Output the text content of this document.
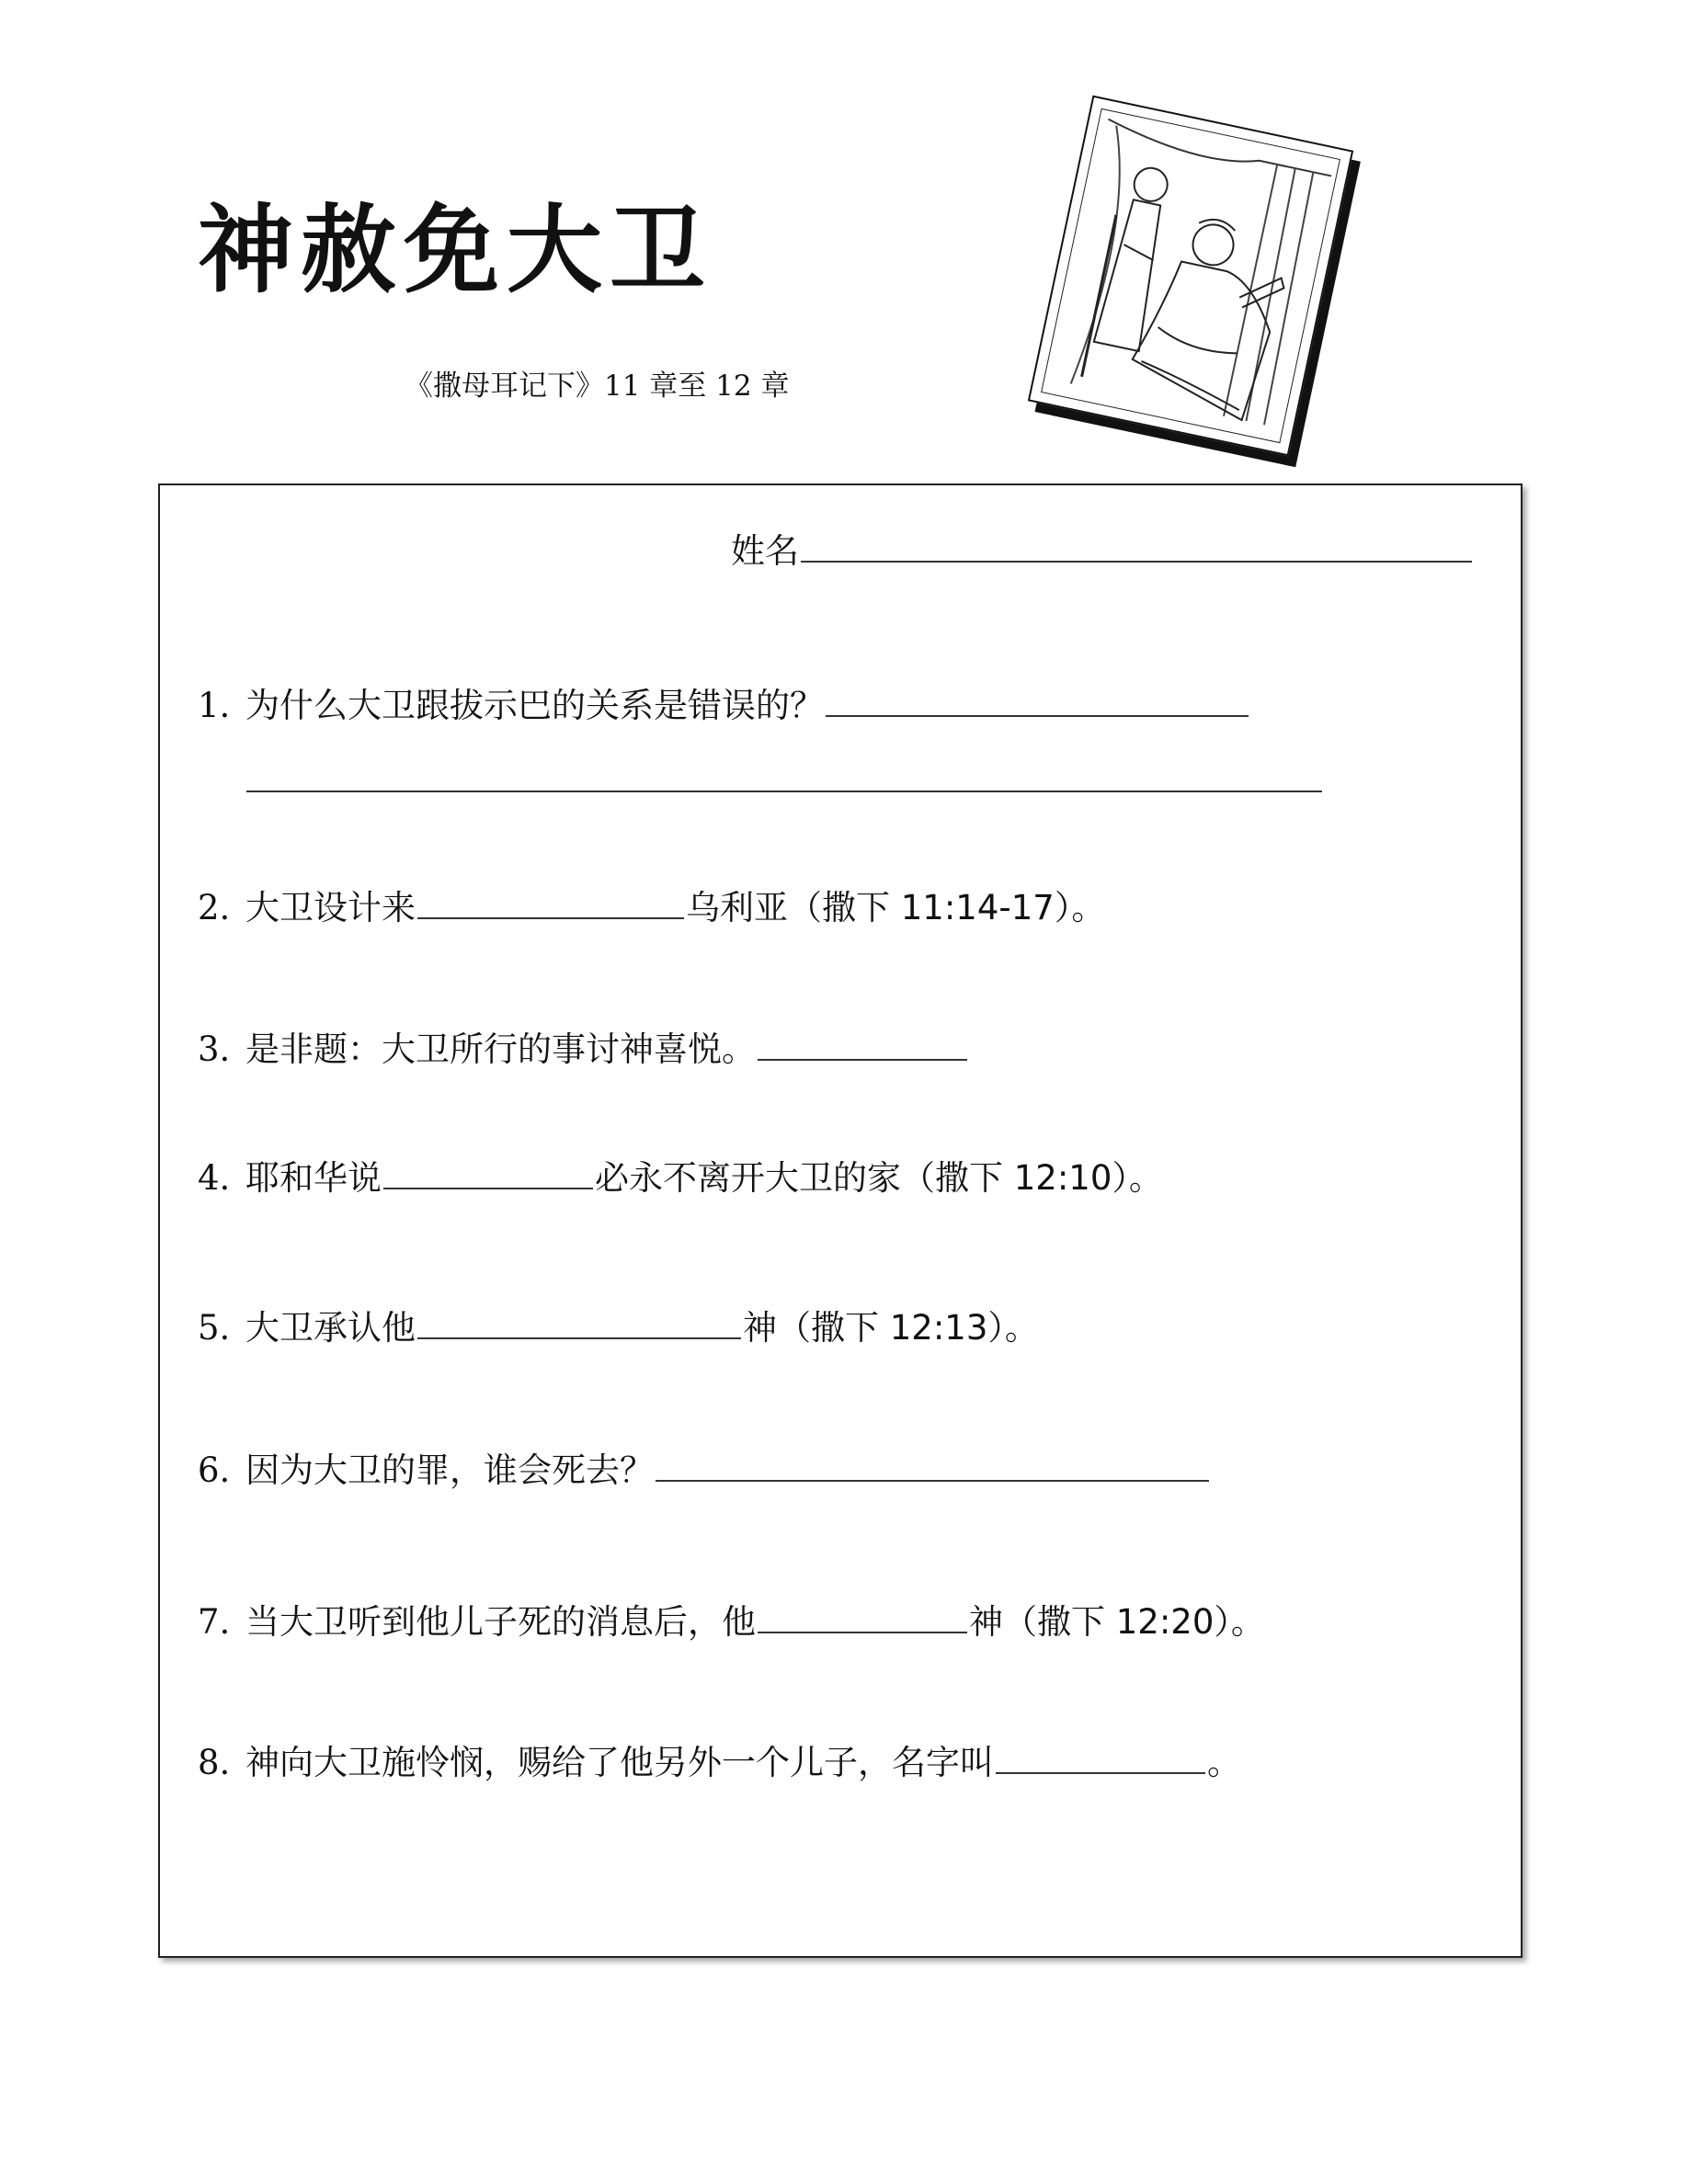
神赦免大卫
《撒母耳记下》11 章至 12 章
姓名
1. 为什么大卫跟拔示巴的关系是错误的？
2. 大卫设计来	乌利亚（撒下 11:14-17）。
3. 是非题：大卫所行的事讨神喜悦。
4. 耶和华说	必永不离开大卫的家（撒下 12:10）。
5. 大卫承认他	神（撒下 12:13）。
6. 因为大卫的罪，谁会死去？
7. 当大卫听到他儿子死的消息后，他	神（撒下 12:20）。
8. 神向大卫施怜悯，赐给了他另外一个儿子，名字叫	。
